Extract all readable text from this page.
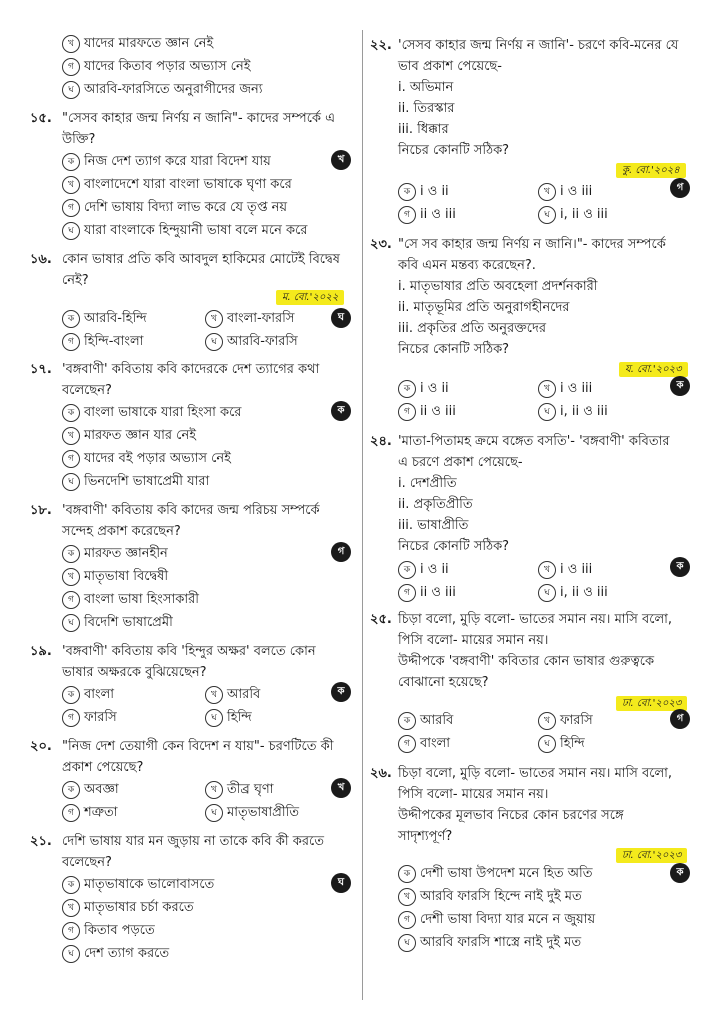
খ যাদের মারফতে জ্ঞান নেই
গ যাদের কিতাব পড়ার অভ্যাস নেই
ঘ আরবি-ফারসিতে অনুরাগীদের জন্য
১৫. "সেসব কাহার জন্ম নির্ণয় ন জানি"- কাদের সম্পর্কে এ
উক্তি?
খ
ক নিজ দেশ ত্যাগ করে যারা বিদেশ যায়
খ বাংলাদেশে যারা বাংলা ভাষাকে ঘৃণা করে
গ দেশি ভাষায় বিদ্যা লাভ করে যে তৃপ্ত নয়
ঘ যারা বাংলাকে হিন্দুয়ানী ভাষা বলে মনে করে
১৬. কোন ভাষার প্রতি কবি আবদুল হাকিমের মোটেই বিদ্বেষ
নেই?
ম. বো.'২০২২
ঘ
ক আরবি-হিন্দি	খ বাংলা-ফারসি
গ হিন্দি-বাংলা	ঘ আরবি-ফারসি
১৭. 'বঙ্গবাণী' কবিতায় কবি কাদেরকে দেশ ত্যাগের কথা
বলেছেন?
ক
ক বাংলা ভাষাকে যারা হিংসা করে
খ মারফত জ্ঞান যার নেই
গ যাদের বই পড়ার অভ্যাস নেই
ঘ ভিনদেশি ভাষাপ্রেমী যারা
১৮. 'বঙ্গবাণী' কবিতায় কবি কাদের জন্ম পরিচয় সম্পর্কে
সন্দেহ প্রকাশ করেছেন?
গ
ক মারফত জ্ঞানহীন
খ মাতৃভাষা বিদ্বেষী
গ বাংলা ভাষা হিংসাকারী
ঘ বিদেশি ভাষাপ্রেমী
১৯. 'বঙ্গবাণী' কবিতায় কবি 'হিন্দুর অক্ষর' বলতে কোন
ভাষার অক্ষরকে বুঝিয়েছেন?
ক
ক বাংলা	খ আরবি
গ ফারসি	ঘ হিন্দি
২০. "নিজ দেশ তেয়াগী কেন বিদেশ ন যায়"- চরণটিতে কী
প্রকাশ পেয়েছে?
খ
ক অবজ্ঞা	খ তীব্র ঘৃণা
গ শত্রুতা	ঘ মাতৃভাষাপ্রীতি
২১. দেশি ভাষায় যার মন জুড়ায় না তাকে কবি কী করতে
বলেছেন?
ঘ
ক মাতৃভাষাকে ভালোবাসতে
খ মাতৃভাষার চর্চা করতে
গ কিতাব পড়তে
ঘ দেশ ত্যাগ করতে
২২. 'সেসব কাহার জন্ম নির্ণয় ন জানি'- চরণে কবি-মনের যে
ভাব প্রকাশ পেয়েছে-
i. অভিমান
ii. তিরস্কার
iii. ধিক্কার
নিচের কোনটি সঠিক?
কু. বো.'২০২৪
গ
ক i ও ii	খ i ও iii
গ ii ও iii	ঘ i, ii ও iii
২৩. "সে সব কাহার জন্ম নির্ণয় ন জানি।"- কাদের সম্পর্কে
কবি এমন মন্তব্য করেছেন?.
i. মাতৃভাষার প্রতি অবহেলা প্রদর্শনকারী
ii. মাতৃভূমির প্রতি অনুরাগহীনদের
iii. প্রকৃতির প্রতি অনুরক্তদের
নিচের কোনটি সঠিক?
য. বো.'২০২৩
ক
ক i ও ii	খ i ও iii
গ ii ও iii	ঘ i, ii ও iii
২৪. 'মাতা-পিতামহ ক্রমে বঙ্গেত বসতি'- 'বঙ্গবাণী' কবিতার
এ চরণে প্রকাশ পেয়েছে-
i. দেশপ্রীতি
ii. প্রকৃতিপ্রীতি
iii. ভাষাপ্রীতি
নিচের কোনটি সঠিক?
ক
ক i ও ii	খ i ও iii
গ ii ও iii	ঘ i, ii ও iii
২৫. চিড়া বলো, মুড়ি বলো- ভাতের সমান নয়। মাসি বলো,
পিসি বলো- মায়ের সমান নয়।
উদ্দীপকে 'বঙ্গবাণী' কবিতার কোন ভাষার গুরুত্বকে
বোঝানো হয়েছে?
ঢা. বো.'২০২৩
গ
ক আরবি	খ ফারসি
গ বাংলা	ঘ হিন্দি
২৬. চিড়া বলো, মুড়ি বলো- ভাতের সমান নয়। মাসি বলো,
পিসি বলো- মায়ের সমান নয়।
উদ্দীপকের মূলভাব নিচের কোন চরণের সঙ্গে
সাদৃশ্যপূর্ণ?
ঢা. বো.'২০২৩
ক
ক দেশী ভাষা উপদেশ মনে হিত অতি
খ আরবি ফারসি হিন্দে নাই দুই মত
গ দেশী ভাষা বিদ্যা যার মনে ন জুয়ায়
ঘ আরবি ফারসি শাস্ত্রে নাই দুই মত
